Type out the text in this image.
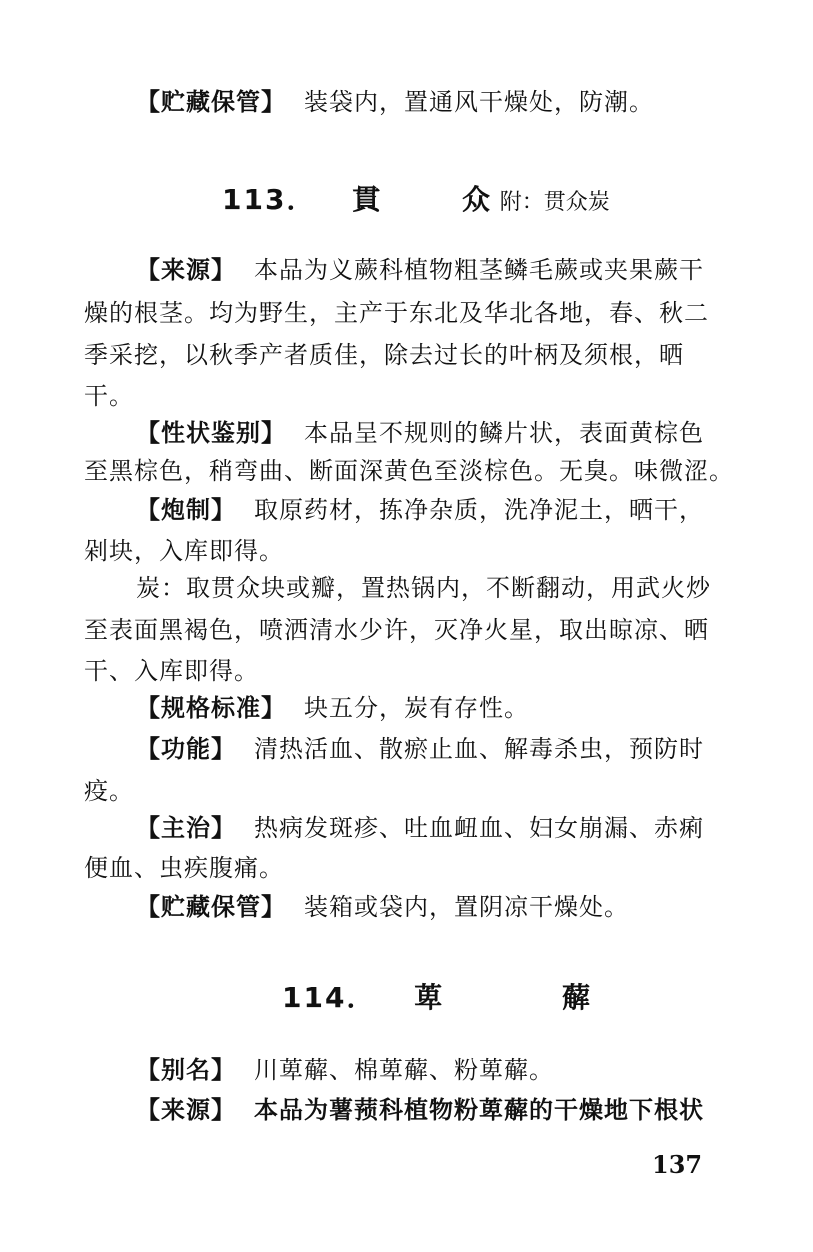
【贮藏保管】 装袋内，置通风干燥处，防潮。
113． 貫	众 附：贯众炭
【来源】 本品为义蕨科植物粗茎鳞毛蕨或夹果蕨干
燥的根茎。均为野生，主产于东北及华北各地，春、秋二
季采挖，以秋季产者质佳，除去过长的叶柄及须根，晒
干。
【性状鉴别】 本品呈不规则的鳞片状，表面黄棕色
至黑棕色，稍弯曲、断面深黄色至淡棕色。无臭。味微涩。
【炮制】 取原药材，拣净杂质，洗净泥土，晒干，
剁块，入库即得。
炭：取贯众块或瓣，置热锅内，不断翻动，用武火炒
至表面黑褐色，喷洒清水少许，灭净火星，取出晾凉、晒
干、入库即得。
【规格标准】 块五分，炭有存性。
【功能】 清热活血、散瘀止血、解毒杀虫，预防时
疫。
【主治】 热病发斑疹、吐血衄血、妇女崩漏、赤痢
便血、虫疾腹痛。
【贮藏保管】 装箱或袋内，置阴凉干燥处。
114． 萆	薢
【别名】 川萆薢、棉萆薢、粉萆薢。
【来源】 本品为薯蓣科植物粉萆薢的干燥地下根状
137
